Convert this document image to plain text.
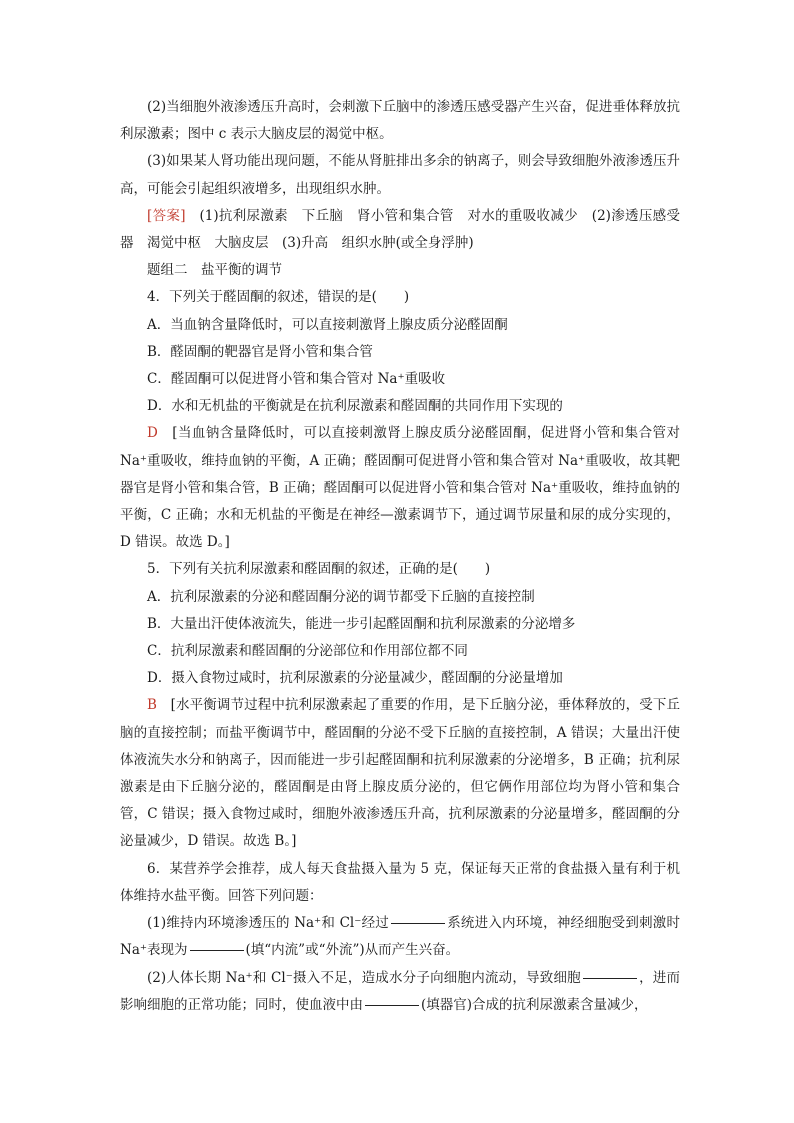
(2)当细胞外液渗透压升高时，会刺激下丘脑中的渗透压感受器产生兴奋，促进垂体释放抗利尿激素；图中 c 表示大脑皮层的渴觉中枢。

(3)如果某人肾功能出现问题，不能从肾脏排出多余的钠离子，则会导致细胞外液渗透压升高，可能会引起组织液增多，出现组织水肿。

[答案] (1)抗利尿激素　下丘脑　肾小管和集合管　对水的重吸收减少　(2)渗透压感受器　渴觉中枢　大脑皮层　(3)升高　组织水肿(或全身浮肿)

题组二　盐平衡的调节

4．下列关于醛固酮的叙述，错误的是(　　)

A．当血钠含量降低时，可以直接刺激肾上腺皮质分泌醛固酮

B．醛固酮的靶器官是肾小管和集合管

C．醛固酮可以促进肾小管和集合管对 Na⁺重吸收

D．水和无机盐的平衡就是在抗利尿激素和醛固酮的共同作用下实现的

D　 [当血钠含量降低时，可以直接刺激肾上腺皮质分泌醛固酮，促进肾小管和集合管对 Na⁺重吸收，维持血钠的平衡，A 正确；醛固酮可促进肾小管和集合管对 Na⁺重吸收，故其靶器官是肾小管和集合管，B 正确；醛固酮可以促进肾小管和集合管对 Na⁺重吸收，维持血钠的平衡，C 正确；水和无机盐的平衡是在神经—激素调节下，通过调节尿量和尿的成分实现的，D 错误。故选 D。]

5．下列有关抗利尿激素和醛固酮的叙述，正确的是(　　)

A．抗利尿激素的分泌和醛固酮分泌的调节都受下丘脑的直接控制

B．大量出汗使体液流失，能进一步引起醛固酮和抗利尿激素的分泌增多

C．抗利尿激素和醛固酮的分泌部位和作用部位都不同

D．摄入食物过咸时，抗利尿激素的分泌量减少，醛固酮的分泌量增加

B　 [水平衡调节过程中抗利尿激素起了重要的作用，是下丘脑分泌，垂体释放的，受下丘脑的直接控制；而盐平衡调节中，醛固酮的分泌不受下丘脑的直接控制，A 错误；大量出汗使体液流失水分和钠离子，因而能进一步引起醛固酮和抗利尿激素的分泌增多，B 正确；抗利尿激素是由下丘脑分泌的，醛固酮是由肾上腺皮质分泌的，但它俩作用部位均为肾小管和集合管，C 错误；摄入食物过咸时，细胞外液渗透压升高，抗利尿激素的分泌量增多，醛固酮的分泌量减少，D 错误。故选 B。]

6．某营养学会推荐，成人每天食盐摄入量为 5 克，保证每天正常的食盐摄入量有利于机体维持水盐平衡。回答下列问题：

(1)维持内环境渗透压的 Na⁺和 Cl⁻经过	系统进入内环境，神经细胞受到刺激时 Na⁺表现为	(填“内流”或“外流”)从而产生兴奋。

(2)人体长期 Na⁺和 Cl⁻摄入不足，造成水分子向细胞内流动，导致细胞	，进而影响细胞的正常功能；同时，使血液中由	(填器官)合成的抗利尿激素含量减少，
